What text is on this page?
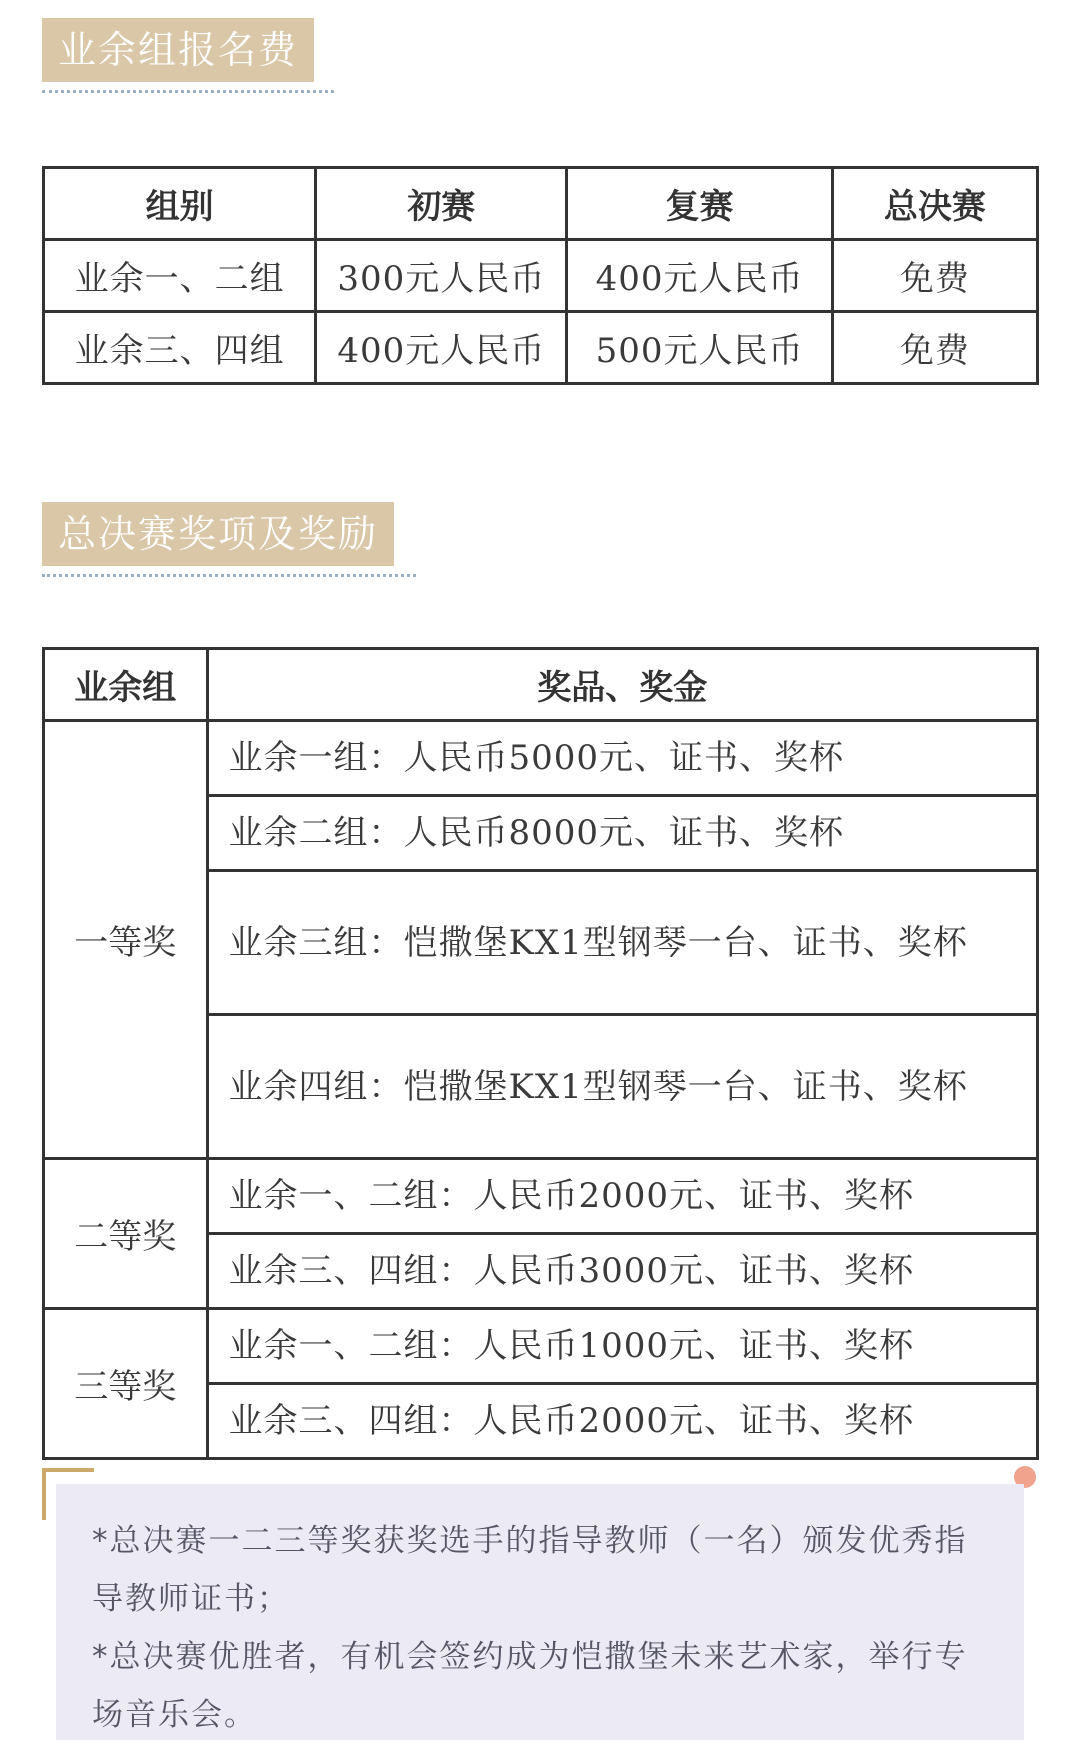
业余组报名费
组别	初赛	复赛	总决赛
业余一、二组	300元人民币	400元人民币	免费
业余三、四组	400元人民币	500元人民币	免费
总决赛奖项及奖励
业余组	奖品、奖金
一等奖	业余一组：人民币5000元、证书、奖杯
	业余二组：人民币8000元、证书、奖杯
	业余三组：恺撒堡KX1型钢琴一台、证书、奖杯
	业余四组：恺撒堡KX1型钢琴一台、证书、奖杯
二等奖	业余一、二组：人民币2000元、证书、奖杯
	业余三、四组：人民币3000元、证书、奖杯
三等奖	业余一、二组：人民币1000元、证书、奖杯
	业余三、四组：人民币2000元、证书、奖杯
*总决赛一二三等奖获奖选手的指导教师（一名）颁发优秀指导教师证书；
*总决赛优胜者，有机会签约成为恺撒堡未来艺术家，举行专场音乐会。
